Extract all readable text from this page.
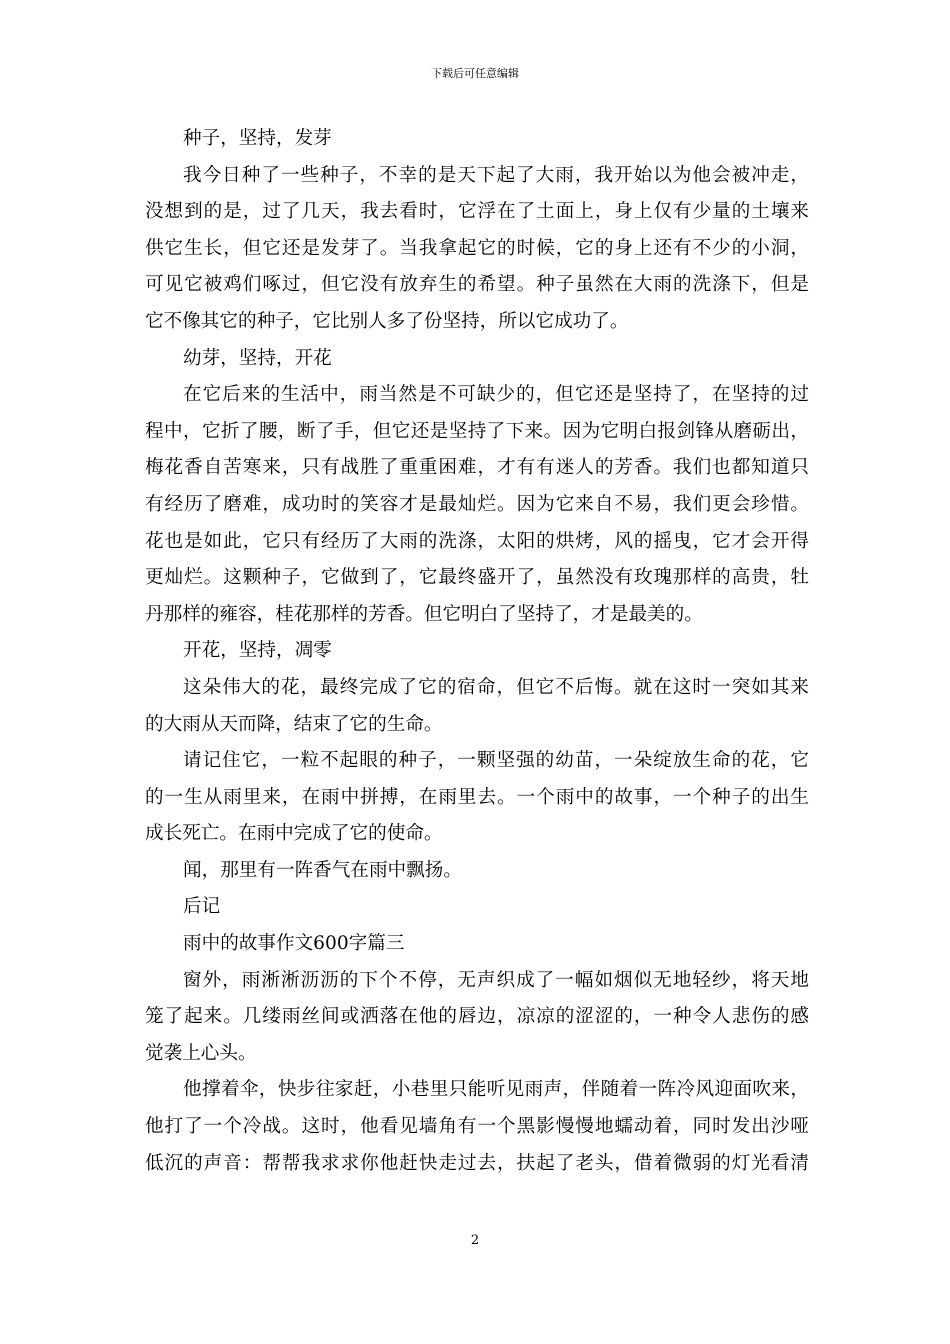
下载后可任意编辑
种子，坚持，发芽
我今日种了一些种子，不幸的是天下起了大雨，我开始以为他会被冲走，
没想到的是，过了几天，我去看时，它浮在了土面上，身上仅有少量的土壤来
供它生长，但它还是发芽了。当我拿起它的时候，它的身上还有不少的小洞，
可见它被鸡们啄过，但它没有放弃生的希望。种子虽然在大雨的洗涤下，但是
它不像其它的种子，它比别人多了份坚持，所以它成功了。
幼芽，坚持，开花
在它后来的生活中，雨当然是不可缺少的，但它还是坚持了，在坚持的过
程中，它折了腰，断了手，但它还是坚持了下来。因为它明白报剑锋从磨砺出，
梅花香自苦寒来，只有战胜了重重困难，才有有迷人的芳香。我们也都知道只
有经历了磨难，成功时的笑容才是最灿烂。因为它来自不易，我们更会珍惜。
花也是如此，它只有经历了大雨的洗涤，太阳的烘烤，风的摇曳，它才会开得
更灿烂。这颗种子，它做到了，它最终盛开了，虽然没有玫瑰那样的高贵，牡
丹那样的雍容，桂花那样的芳香。但它明白了坚持了，才是最美的。
开花，坚持，凋零
这朵伟大的花，最终完成了它的宿命，但它不后悔。就在这时一突如其来
的大雨从天而降，结束了它的生命。
请记住它，一粒不起眼的种子，一颗坚强的幼苗，一朵绽放生命的花，它
的一生从雨里来，在雨中拼搏，在雨里去。一个雨中的故事，一个种子的出生
成长死亡。在雨中完成了它的使命。
闻，那里有一阵香气在雨中飘扬。
后记
雨中的故事作文600字篇三
窗外，雨淅淅沥沥的下个不停，无声织成了一幅如烟似无地轻纱，将天地
笼了起来。几缕雨丝间或洒落在他的唇边，凉凉的涩涩的，一种令人悲伤的感
觉袭上心头。
他撑着伞，快步往家赶，小巷里只能听见雨声，伴随着一阵冷风迎面吹来，
他打了一个冷战。这时，他看见墙角有一个黑影慢慢地蠕动着，同时发出沙哑
低沉的声音：帮帮我求求你他赶快走过去，扶起了老头，借着微弱的灯光看清
2
